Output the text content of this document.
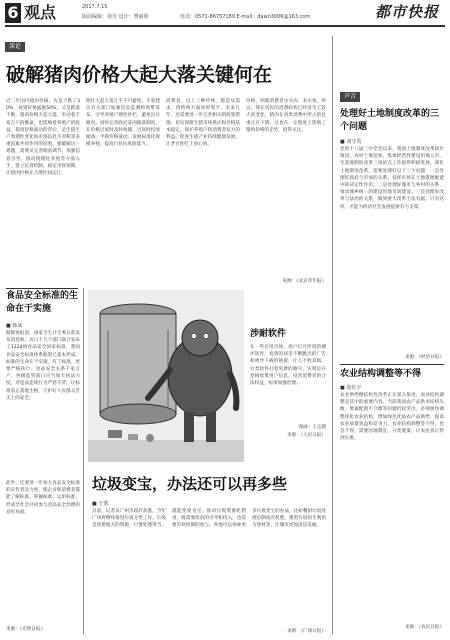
6 观点	2017.7.15
版面编辑：徐芳 设计：曹丽娟	电话：0571-86757189 E-mail：dawn3006@163.com	都市快报
深论
破解猪肉价格大起大落关键何在
近三年国内猪肉价格，先是下跌了30%，再到价格猛涨50%，又是跌落不断。猪肉价格大起大落，牵动着千家万户的餐桌，也影响着养殖户的收益。猪肉价格波动的背后，是生猪生产周期性变化和市场信息不对称等多重因素共同作用的结果。要破解这一难题，需要从完善储备调节、加强信息引导、推动规模化养殖等方面入手，建立长效机制，稳定市场预期，让猪肉价格在合理区间运行。
期往大起大落几乎不可避免。专家建议有关部门加强信息监测和预警发布，引导养殖户理性补栏，避免盲目跟风。同时完善政府冻肉储备制度，在价格过低时及时收储，过高时投放储备，平抑价格波动。发展标准化规模养殖，提高行业抗风险能力。
消费者，以上三种传统，都是从需求、供给两方面同时着手。未来几年，还需要进一步完善相关的政策措施，切实保障生猪市场供应和价格基本稳定，保护养殖户和消费者双方的利益，促进生猪产业持续健康发展，让老百姓吃上放心肉。
价格，则就消费者少买肉、多买鱼。所以，现在居民的消费结构已经发生了较大的变化，猪肉在肉类消费中所占的比重正在下降，这也在一定程度上影响了猪肉价格的走势，值得关注。
来源：《北京青年报》
食品安全标准的生命在于实施
■ 韩冰
据媒体报道，国家卫生计生委日前发布消息称，近日十几个部门联合发布了1224项食品安全国家标准，我国食品安全标准体系框架已基本形成。标准的生命在于实施，有了标准，更要严格执行。食品安全关系千家万户，各级监管部门应当加大执法力度，对违法违规行为严惩不贷，让标准真正落地生根，守护好人民群众舌尖上的安全。
此外，还要进一步加大食品安全标准的宣传普及力度，使企业和消费者都能了解标准、掌握标准、运用标准，形成全社会共同参与食品安全治理的良好局面。
来源：《光明日报》
涉耐软件
在一些应用市场，用户打开所谓的测评软件，看到的却是不断跳出的广告和诱导下载的链接，让人不胜其烦。这类软件打着免费的旗号，实则是在变相收集用户信息，侵害消费者的合法权益，亟须加强治理。
漫画：王志钢
来源：《人民日报》
垃圾变宝，办法还可以再多些
■ 王蕾
日前，记者从广州市政府获悉，今年广州将继续推进垃圾分类工作。垃圾是放错地方的资源，只要处理得当，就能变废为宝。推动垃圾资源化利用，既需要政府的引导和投入，也需要市场机制的参与。各地可以探索更多垃圾变宝的办法，比如餐厨垃圾处理后制成有机肥，建筑垃圾再生利用为建材等，让城市更加清洁美丽。
来源：《广州日报》
声音
处理好土地制度改革的三个问题
■ 刘守英
党的十八届三中全会以来，我国土地制度改革稳步推进，农村土地征收、集体经营性建设用地入市、宅基地制度改革三项试点工作取得积极进展。深化土地制度改革，需要处理好以下三个问题：一是处理好政府与市场的关系，发挥市场在土地资源配置中的决定性作用；二是处理好城市与乡村的关系，推动城乡统一的建设用地市场建设；三是处理好改革与法治的关系，做到重大改革于法有据。只有这样，才能为经济社会发展提供有力支撑。
来源：《经济日报》
农业结构调整等不得
■ 张红宇
农业供给侧结构性改革正在深入推进，农业结构调整是其中的重要内容。当前我国农产品供求结构失衡、要素配置不合理等问题仍较突出，必须加快调整优化农业结构，增加绿色优质农产品供给，提高农业质量效益和竞争力。农业结构调整等不得，也急不得，需要因地制宜、分类施策，让农民真正得到实惠。
来源：《农民日报》
